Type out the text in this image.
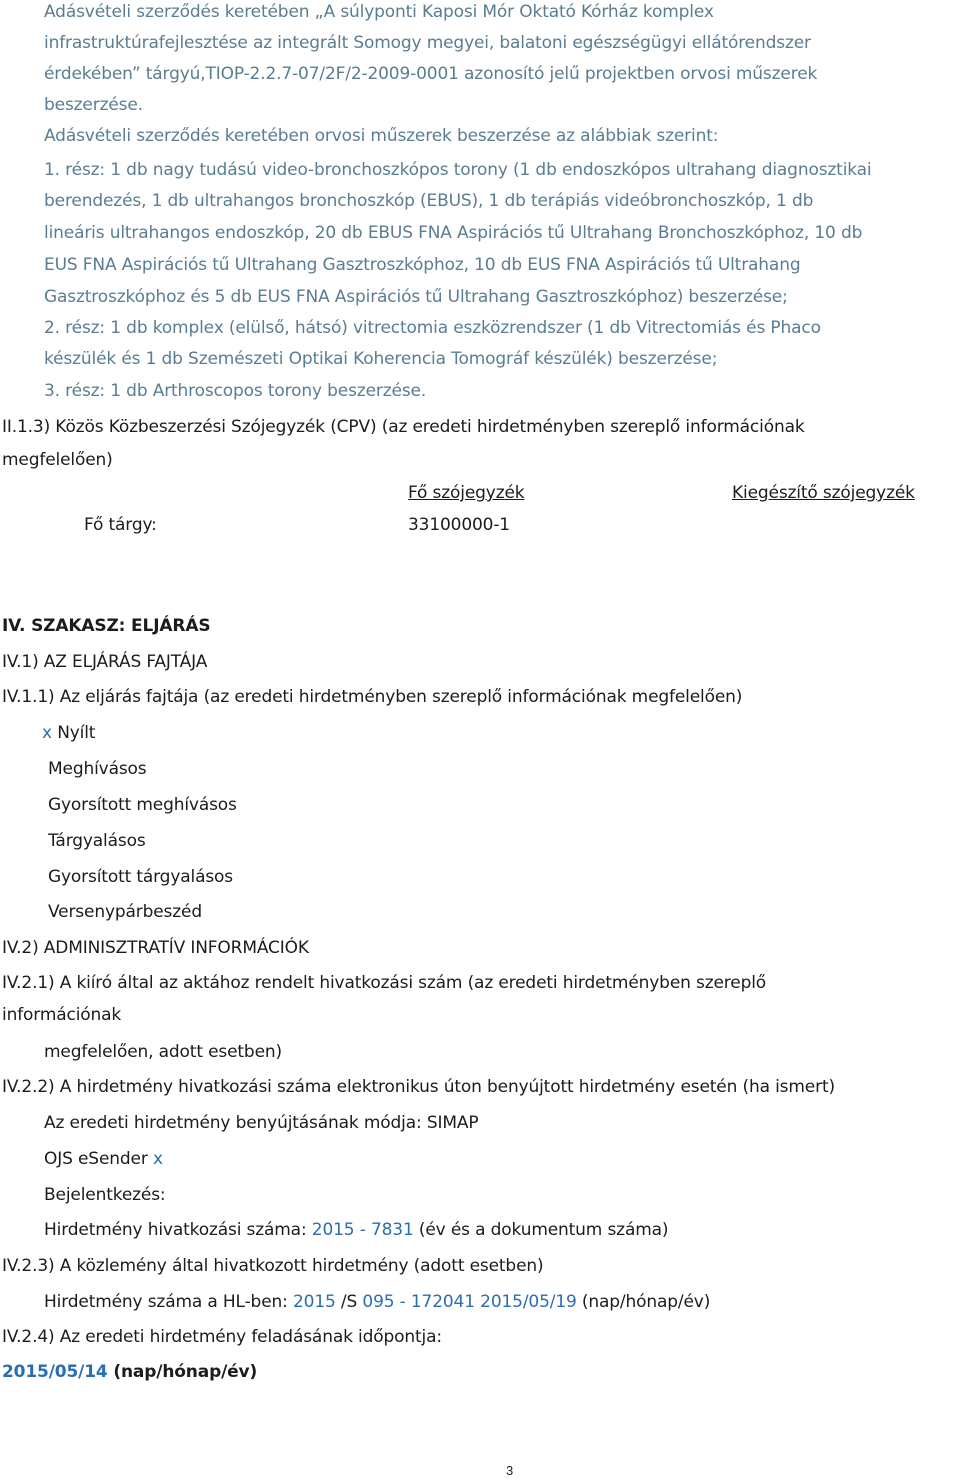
Adásvételi szerződés keretében „A súlyponti Kaposi Mór Oktató Kórház komplex
infrastruktúrafejlesztése az integrált Somogy megyei, balatoni egészségügyi ellátórendszer
érdekében” tárgyú,TIOP-2.2.7-07/2F/2-2009-0001 azonosító jelű projektben orvosi műszerek
beszerzése.
Adásvételi szerződés keretében orvosi műszerek beszerzése az alábbiak szerint:
1. rész: 1 db nagy tudású video-bronchoszkópos torony (1 db endoszkópos ultrahang diagnosztikai
berendezés, 1 db ultrahangos bronchoszkóp (EBUS), 1 db terápiás videóbronchoszkóp, 1 db
lineáris ultrahangos endoszkóp, 20 db EBUS FNA Aspirációs tű Ultrahang Bronchoszkóphoz, 10 db
EUS FNA Aspirációs tű Ultrahang Gasztroszkóphoz, 10 db EUS FNA Aspirációs tű Ultrahang
Gasztroszkóphoz és 5 db EUS FNA Aspirációs tű Ultrahang Gasztroszkóphoz) beszerzése;
2. rész: 1 db komplex (elülső, hátsó) vitrectomia eszközrendszer (1 db Vitrectomiás és Phaco
készülék és 1 db Szemészeti Optikai Koherencia Tomográf készülék) beszerzése;
3. rész: 1 db Arthroscopos torony beszerzése.
II.1.3) Közös Közbeszerzési Szójegyzék (CPV) (az eredeti hirdetményben szereplő információnak
megfelelően)
Fő szójegyzék	Kiegészítő szójegyzék
Fő tárgy:	33100000-1
IV. SZAKASZ: ELJÁRÁS
IV.1) AZ ELJÁRÁS FAJTÁJA
IV.1.1) Az eljárás fajtája (az eredeti hirdetményben szereplő információnak megfelelően)
x Nyílt
Meghívásos
Gyorsított meghívásos
Tárgyalásos
Gyorsított tárgyalásos
Versenypárbeszéd
IV.2) ADMINISZTRATÍV INFORMÁCIÓK
IV.2.1) A kiíró által az aktához rendelt hivatkozási szám (az eredeti hirdetményben szereplő
információnak
megfelelően, adott esetben)
IV.2.2) A hirdetmény hivatkozási száma elektronikus úton benyújtott hirdetmény esetén (ha ismert)
Az eredeti hirdetmény benyújtásának módja: SIMAP
OJS eSender x
Bejelentkezés:
Hirdetmény hivatkozási száma: 2015 - 7831 (év és a dokumentum száma)
IV.2.3) A közlemény által hivatkozott hirdetmény (adott esetben)
Hirdetmény száma a HL-ben: 2015 /S 095 - 172041 2015/05/19 (nap/hónap/év)
IV.2.4) Az eredeti hirdetmény feladásának időpontja:
2015/05/14 (nap/hónap/év)
3
